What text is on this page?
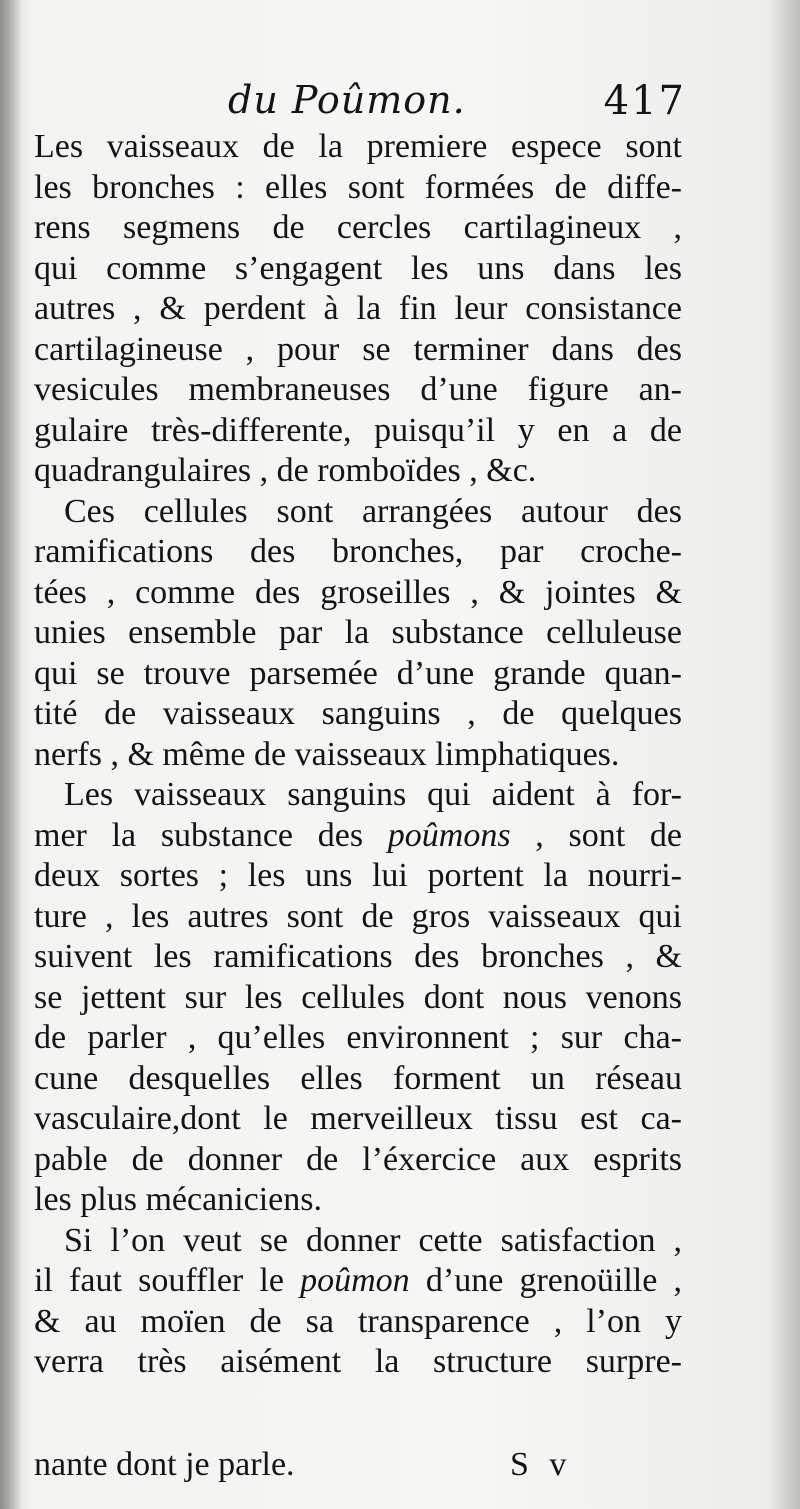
du Poûmon.	417
Les vaisseaux de la premiere espece sont
les bronches : elles sont formées de diffe-
rens segmens de cercles cartilagineux ,
qui comme s’engagent les uns dans les
autres , & perdent à la fin leur consistance
cartilagineuse , pour se terminer dans des
vesicules membraneuses d’une figure an-
gulaire très-differente, puisqu’il y en a de
quadrangulaires , de romboïdes , &c.
Ces cellules sont arrangées autour des
ramifications des bronches, par croche-
tées , comme des groseilles , & jointes &
unies ensemble par la substance celluleuse
qui se trouve parsemée d’une grande quan-
tité de vaisseaux sanguins , de quelques
nerfs , & même de vaisseaux limphatiques.
Les vaisseaux sanguins qui aident à for-
mer la substance des poûmons , sont de
deux sortes ; les uns lui portent la nourri-
ture , les autres sont de gros vaisseaux qui
suivent les ramifications des bronches , &
se jettent sur les cellules dont nous venons
de parler , qu’elles environnent ; sur cha-
cune desquelles elles forment un réseau
vasculaire,dont le merveilleux tissu est ca-
pable de donner de l’éxercice aux esprits
les plus mécaniciens.
Si l’on veut se donner cette satisfaction ,
il faut souffler le poûmon d’une grenoüille ,
& au moïen de sa transparence , l’on y
verra très aisément la structure surpre-
nante dont je parle.	S v
